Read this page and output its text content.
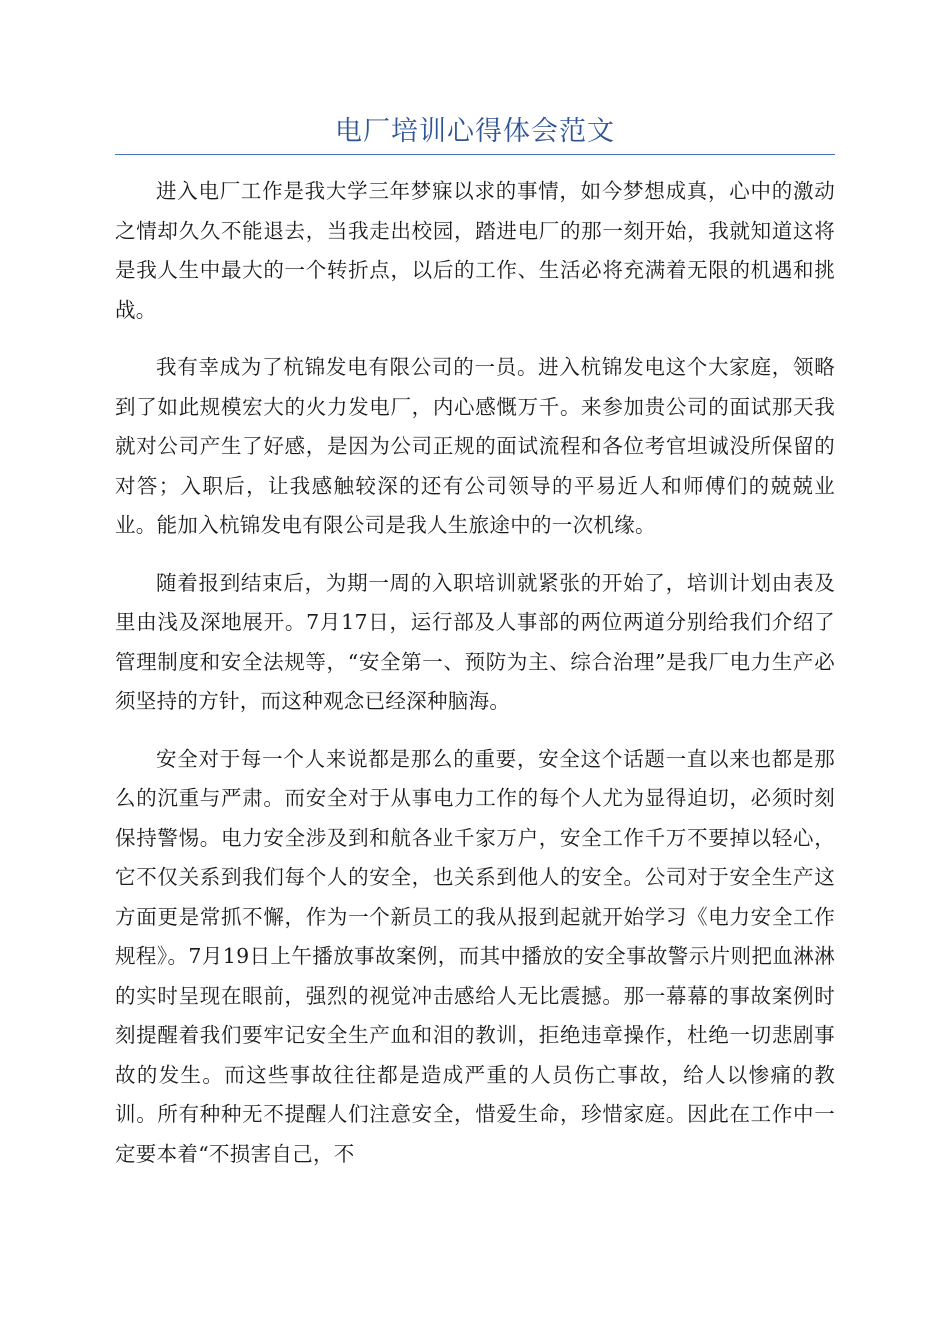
电厂培训心得体会范文

进入电厂工作是我大学三年梦寐以求的事情，如今梦想成真，心中的激动之情却久久不能退去，当我走出校园，踏进电厂的那一刻开始，我就知道这将是我人生中最大的一个转折点，以后的工作、生活必将充满着无限的机遇和挑战。

我有幸成为了杭锦发电有限公司的一员。进入杭锦发电这个大家庭，领略到了如此规模宏大的火力发电厂，内心感慨万千。来参加贵公司的面试那天我就对公司产生了好感，是因为公司正规的面试流程和各位考官坦诚没所保留的对答；入职后，让我感触较深的还有公司领导的平易近人和师傅们的兢兢业业。能加入杭锦发电有限公司是我人生旅途中的一次机缘。

随着报到结束后，为期一周的入职培训就紧张的开始了，培训计划由表及里由浅及深地展开。7月17日，运行部及人事部的两位两道分别给我们介绍了管理制度和安全法规等，“安全第一、预防为主、综合治理”是我厂电力生产必须坚持的方针，而这种观念已经深种脑海。

安全对于每一个人来说都是那么的重要，安全这个话题一直以来也都是那么的沉重与严肃。而安全对于从事电力工作的每个人尤为显得迫切，必须时刻保持警惕。电力安全涉及到和航各业千家万户，安全工作千万不要掉以轻心，它不仅关系到我们每个人的安全，也关系到他人的安全。公司对于安全生产这方面更是常抓不懈，作为一个新员工的我从报到起就开始学习《电力安全工作规程》。7月19日上午播放事故案例，而其中播放的安全事故警示片则把血淋淋的实时呈现在眼前，强烈的视觉冲击感给人无比震撼。那一幕幕的事故案例时刻提醒着我们要牢记安全生产血和泪的教训，拒绝违章操作，杜绝一切悲剧事故的发生。而这些事故往往都是造成严重的人员伤亡事故，给人以惨痛的教训。所有种种无不提醒人们注意安全，惜爱生命，珍惜家庭。因此在工作中一定要本着“不损害自己，不
